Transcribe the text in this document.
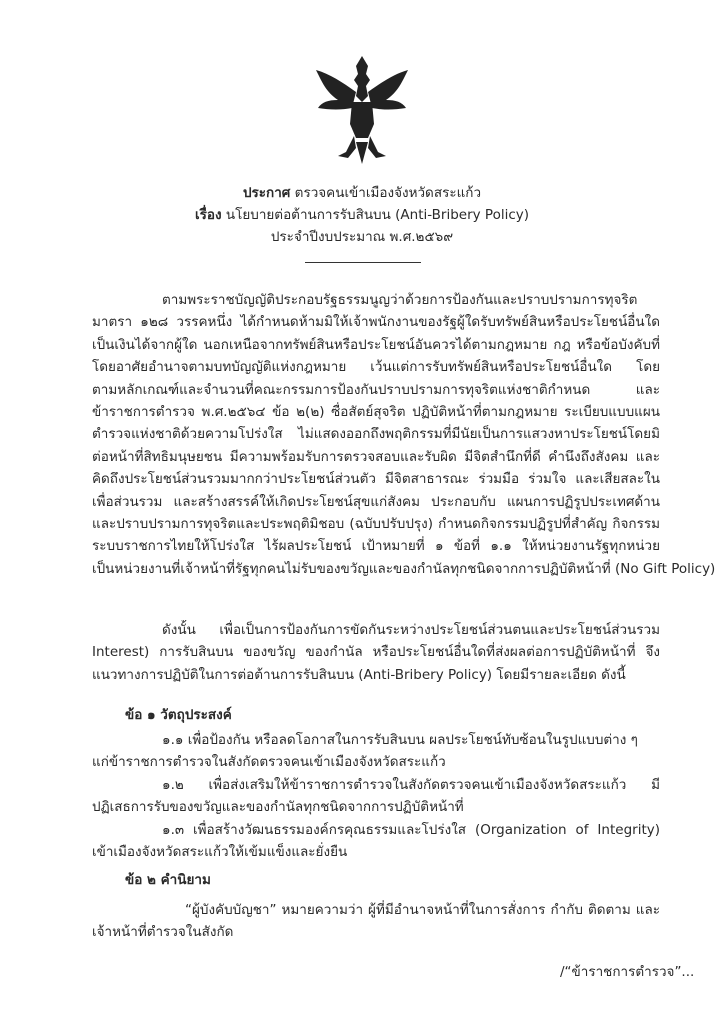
ประกาศ ตรวจคนเข้าเมืองจังหวัดสระแก้ว
เรื่อง นโยบายต่อต้านการรับสินบน (Anti-Bribery Policy)
ประจำปีงบประมาณ พ.ศ.๒๕๖๙
ตามพระราชบัญญัติประกอบรัฐธรรมนูญว่าด้วยการป้องกันและปราบปรามการทุจริต
มาตรา ๑๒๘ วรรคหนึ่ง ได้กำหนดห้ามมิให้เจ้าพนักงานของรัฐผู้ใดรับทรัพย์สินหรือประโยชน์อื่นใด
เป็นเงินได้จากผู้ใด นอกเหนือจากทรัพย์สินหรือประโยชน์อันควรได้ตามกฎหมาย กฎ หรือข้อบังคับที่
โดยอาศัยอำนาจตามบทบัญญัติแห่งกฎหมาย เว้นแต่การรับทรัพย์สินหรือประโยชน์อื่นใด โดย
ตามหลักเกณฑ์และจำนวนที่คณะกรรมการป้องกันปราบปรามการทุจริตแห่งชาติกำหนด และ
ข้าราชการตำรวจ พ.ศ.๒๕๖๔ ข้อ ๒(๒) ซื่อสัตย์สุจริต ปฏิบัติหน้าที่ตามกฎหมาย ระเบียบแบบแผน
ตำรวจแห่งชาติด้วยความโปร่งใส ไม่แสดงออกถึงพฤติกรรมที่มีนัยเป็นการแสวงหาประโยชน์โดยมิ
ต่อหน้าที่สิทธิมนุษยชน มีความพร้อมรับการตรวจสอบและรับผิด มีจิตสำนึกที่ดี คำนึงถึงสังคม และ
คิดถึงประโยชน์ส่วนรวมมากกว่าประโยชน์ส่วนตัว มีจิตสาธารณะ ร่วมมือ ร่วมใจ และเสียสละใน
เพื่อส่วนรวม และสร้างสรรค์ให้เกิดประโยชน์สุขแก่สังคม ประกอบกับ แผนการปฏิรูปประเทศด้าน
และปราบปรามการทุจริตและประพฤติมิชอบ (ฉบับปรับปรุง) กำหนดกิจกรรมปฏิรูปที่สำคัญ กิจกรรม
ระบบราชการไทยให้โปร่งใส ไร้ผลประโยชน์ เป้าหมายที่ ๑ ข้อที่ ๑.๑ ให้หน่วยงานรัฐทุกหน่วย
เป็นหน่วยงานที่เจ้าหน้าที่รัฐทุกคนไม่รับของขวัญและของกำนัลทุกชนิดจากการปฏิบัติหน้าที่ (No Gift Policy)
ดังนั้น เพื่อเป็นการป้องกันการขัดกันระหว่างประโยชน์ส่วนตนและประโยชน์ส่วนรวม
Interest) การรับสินบน ของขวัญ ของกำนัล หรือประโยชน์อื่นใดที่ส่งผลต่อการปฏิบัติหน้าที่ จึง
แนวทางการปฏิบัติในการต่อต้านการรับสินบน (Anti-Bribery Policy) โดยมีรายละเอียด ดังนี้
ข้อ ๑ วัตถุประสงค์
๑.๑ เพื่อป้องกัน หรือลดโอกาสในการรับสินบน ผลประโยชน์ทับซ้อนในรูปแบบต่าง ๆ
แก่ข้าราชการตำรวจในสังกัดตรวจคนเข้าเมืองจังหวัดสระแก้ว
๑.๒ เพื่อส่งเสริมให้ข้าราชการตำรวจในสังกัดตรวจคนเข้าเมืองจังหวัดสระแก้ว มี
ปฏิเสธการรับของขวัญและของกำนัลทุกชนิดจากการปฏิบัติหน้าที่
๑.๓ เพื่อสร้างวัฒนธรรมองค์กรคุณธรรมและโปร่งใส (Organization of Integrity)
เข้าเมืองจังหวัดสระแก้วให้เข้มแข็งและยั่งยืน
ข้อ ๒ คำนิยาม
“ผู้บังคับบัญชา” หมายความว่า ผู้ที่มีอำนาจหน้าที่ในการสั่งการ กำกับ ติดตาม และ
เจ้าหน้าที่ตำรวจในสังกัด
/“ข้าราชการตำรวจ”...
